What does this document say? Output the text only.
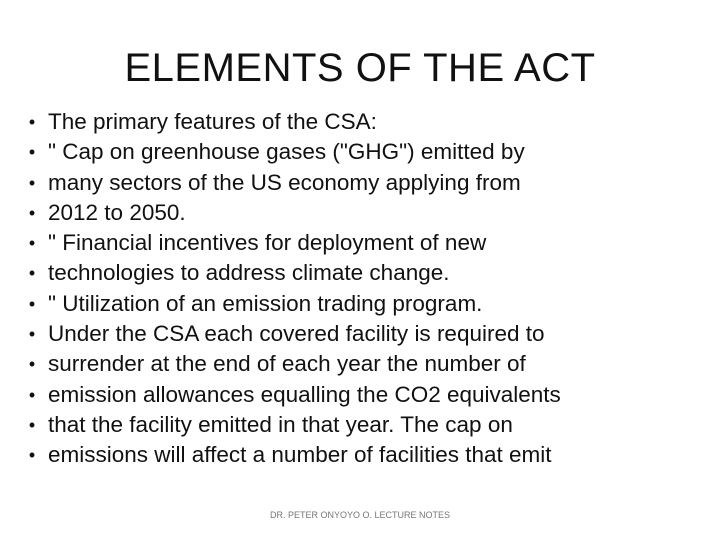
ELEMENTS OF THE ACT
• The primary features of the CSA:
• " Cap on greenhouse gases ("GHG") emitted by
• many sectors of the US economy applying from
• 2012 to 2050.
• " Financial incentives for deployment of new
• technologies to address climate change.
• " Utilization of an emission trading program.
• Under the CSA each covered facility is required to
• surrender at the end of each year the number of
• emission allowances equalling the CO2 equivalents
• that the facility emitted in that year. The cap on
• emissions will affect a number of facilities that emit
DR. PETER ONYOYO O. LECTURE NOTES
